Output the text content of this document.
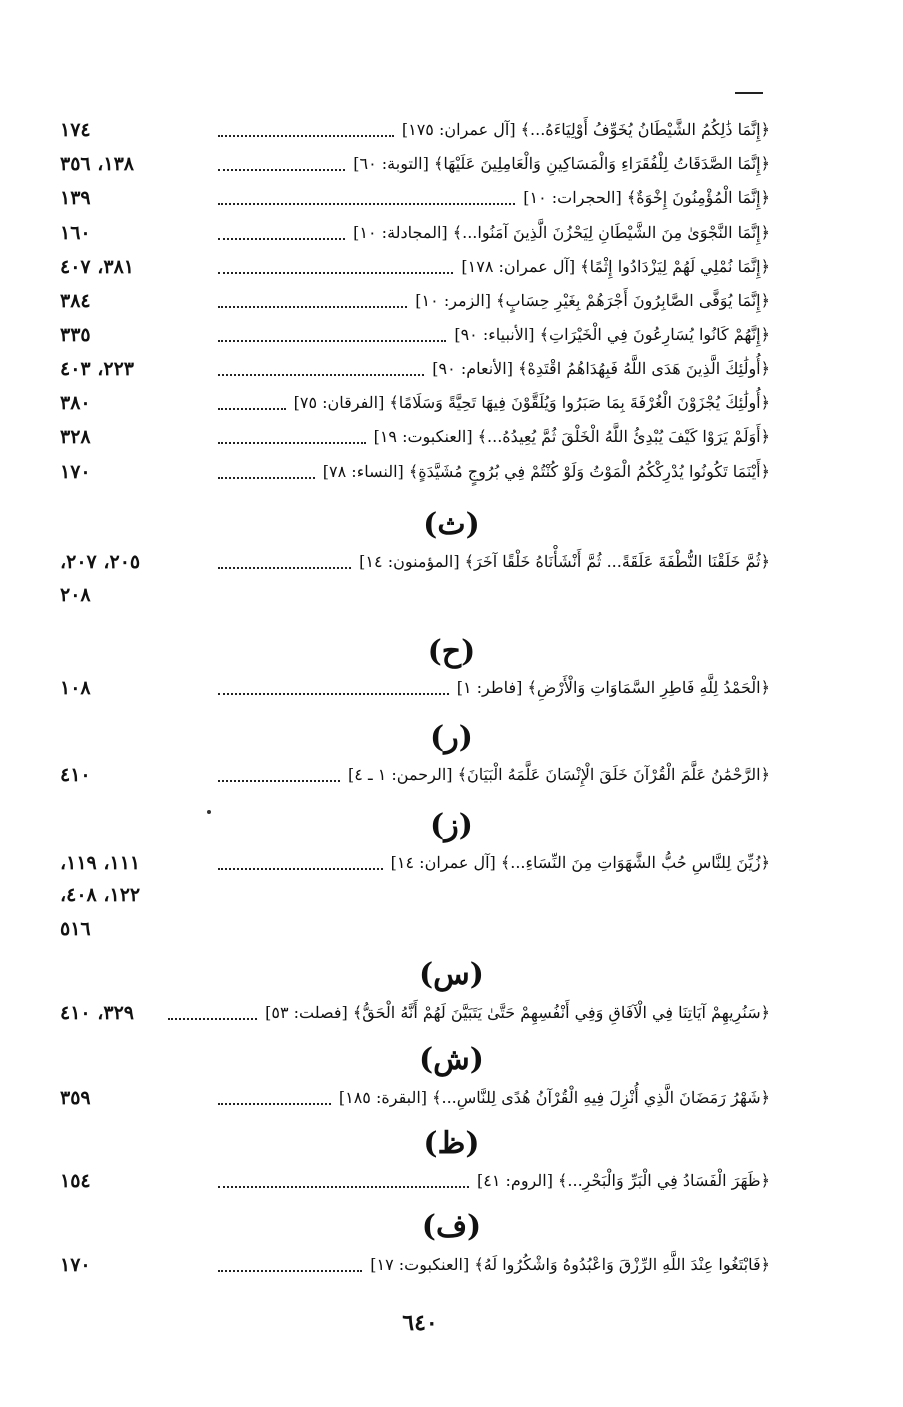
﴿إِنَّمَا ذَٰلِكُمُ الشَّيْطَانُ يُخَوِّفُ أَوْلِيَاءَهُ...﴾ [آل عمران: ١٧٥]
١٧٤
﴿إِنَّمَا الصَّدَقَاتُ لِلْفُقَرَاءِ وَالْمَسَاكِينِ وَالْعَامِلِينَ عَلَيْهَا﴾ [التوبة: ٦٠]
١٣٨، ٣٥٦
﴿إِنَّمَا الْمُؤْمِنُونَ إِخْوَةٌ﴾ [الحجرات: ١٠]
١٣٩
﴿إِنَّمَا النَّجْوَىٰ مِنَ الشَّيْطَانِ لِيَحْزُنَ الَّذِينَ آمَنُوا...﴾ [المجادلة: ١٠]
١٦٠
﴿إِنَّمَا نُمْلِي لَهُمْ لِيَزْدَادُوا إِثْمًا﴾ [آل عمران: ١٧٨]
٣٨١، ٤٠٧
﴿إِنَّمَا يُوَفَّى الصَّابِرُونَ أَجْرَهُمْ بِغَيْرِ حِسَابٍ﴾ [الزمر: ١٠]
٣٨٤
﴿إِنَّهُمْ كَانُوا يُسَارِعُونَ فِي الْخَيْرَاتِ﴾ [الأنبياء: ٩٠]
٣٣٥
﴿أُولَٰئِكَ الَّذِينَ هَدَى اللَّهُ فَبِهُدَاهُمُ اقْتَدِهْ﴾ [الأنعام: ٩٠]
٢٢٣، ٤٠٣
﴿أُولَٰئِكَ يُجْزَوْنَ الْغُرْفَةَ بِمَا صَبَرُوا وَيُلَقَّوْنَ فِيهَا تَحِيَّةً وَسَلَامًا﴾ [الفرقان: ٧٥]
٣٨٠
﴿أَوَلَمْ يَرَوْا كَيْفَ يُبْدِئُ اللَّهُ الْخَلْقَ ثُمَّ يُعِيدُهُ...﴾ [العنكبوت: ١٩]
٣٢٨
﴿أَيْنَمَا تَكُونُوا يُدْرِكْكُمُ الْمَوْتُ وَلَوْ كُنْتُمْ فِي بُرُوجٍ مُشَيَّدَةٍ﴾ [النساء: ٧٨]
١٧٠
(ث)
﴿ثُمَّ خَلَقْنَا النُّطْفَةَ عَلَقَةً... ثُمَّ أَنْشَأْنَاهُ خَلْقًا آخَرَ﴾ [المؤمنون: ١٤]
٢٠٥، ٢٠٧،
٢٠٨
(ح)
﴿الْحَمْدُ لِلَّهِ فَاطِرِ السَّمَاوَاتِ وَالْأَرْضِ﴾ [فاطر: ١]
١٠٨
(ر)
﴿الرَّحْمَٰنُ عَلَّمَ الْقُرْآنَ خَلَقَ الْإِنْسَانَ عَلَّمَهُ الْبَيَانَ﴾ [الرحمن: ١ ـ ٤]
٤١٠
(ز)
﴿زُيِّنَ لِلنَّاسِ حُبُّ الشَّهَوَاتِ مِنَ النِّسَاءِ...﴾ [آل عمران: ١٤]
١١١، ١١٩،
١٢٢، ٤٠٨،
٥١٦
(س)
﴿سَنُرِيهِمْ آيَاتِنَا فِي الْآفَاقِ وَفِي أَنْفُسِهِمْ حَتَّىٰ يَتَبَيَّنَ لَهُمْ أَنَّهُ الْحَقُّ﴾ [فصلت: ٥٣]
٣٢٩، ٤١٠
(ش)
﴿شَهْرُ رَمَضَانَ الَّذِي أُنْزِلَ فِيهِ الْقُرْآنُ هُدًى لِلنَّاسِ...﴾ [البقرة: ١٨٥]
٣٥٩
(ظ)
﴿ظَهَرَ الْفَسَادُ فِي الْبَرِّ وَالْبَحْرِ...﴾ [الروم: ٤١]
١٥٤
(ف)
﴿فَابْتَغُوا عِنْدَ اللَّهِ الرِّزْقَ وَاعْبُدُوهُ وَاشْكُرُوا لَهُ﴾ [العنكبوت: ١٧]
١٧٠
٦٤٠
